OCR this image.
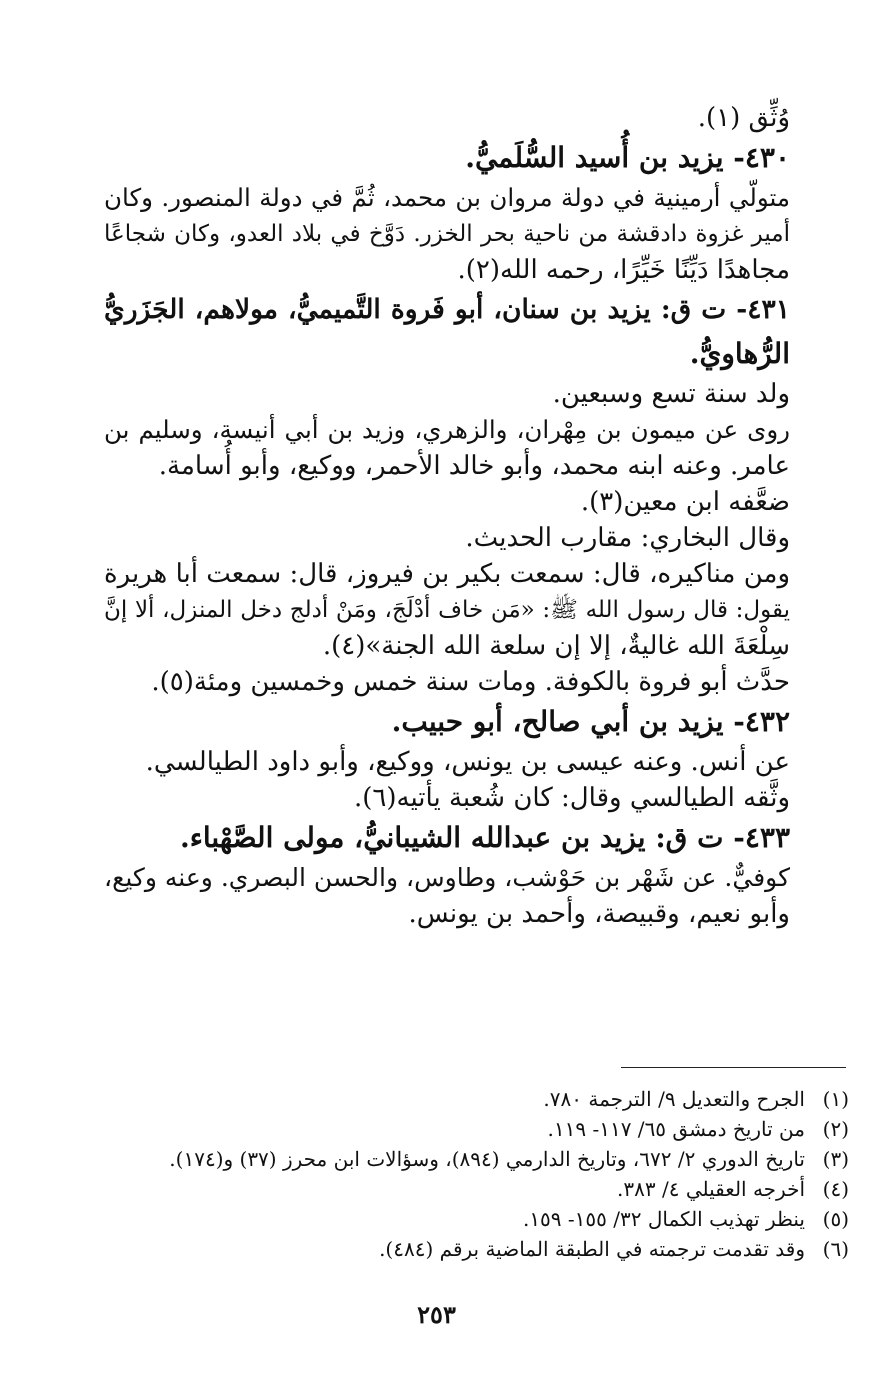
وُثِّق (١).
٤٣٠- يزيد بن أُسيد السُّلَميُّ.
متولّي أرمينية في دولة مروان بن محمد، ثُمَّ في دولة المنصور. وكان
أمير غزوة دادقشة من ناحية بحر الخزر. دَوَّخ في بلاد العدو، وكان شجاعًا
مجاهدًا دَيِّنًا خَيِّرًا، رحمه الله(٢).
٤٣١- ت ق: يزيد بن سنان، أبو فَروة التَّميميُّ، مولاهم، الجَزَريُّ
الرُّهاويُّ.
ولد سنة تسع وسبعين.
روى عن ميمون بن مِهْران، والزهري، وزيد بن أبي أنيسة، وسليم بن
عامر. وعنه ابنه محمد، وأبو خالد الأحمر، ووكيع، وأبو أُسامة.
ضعَّفه ابن معين(٣).
وقال البخاري: مقارب الحديث.
ومن مناكيره، قال: سمعت بكير بن فيروز، قال: سمعت أبا هريرة
يقول: قال رسول الله ﷺ: «مَن خاف أدْلَجَ، ومَنْ أدلج دخل المنزل، ألا إنَّ
سِلْعَةَ الله غاليةٌ، إلا إن سلعة الله الجنة»(٤).
حدَّث أبو فروة بالكوفة. ومات سنة خمس وخمسين ومئة(٥).
٤٣٢- يزيد بن أبي صالح، أبو حبيب.
عن أنس. وعنه عيسى بن يونس، ووكيع، وأبو داود الطيالسي.
وثَّقه الطيالسي وقال: كان شُعبة يأتيه(٦).
٤٣٣- ت ق: يزيد بن عبدالله الشيبانيُّ، مولى الصَّهْباء.
كوفيٌّ. عن شَهْر بن حَوْشب، وطاوس، والحسن البصري. وعنه وكيع،
وأبو نعيم، وقبيصة، وأحمد بن يونس.
(١)الجرح والتعديل ٩/ الترجمة ٧٨٠.
(٢)من تاريخ دمشق ٦٥/ ١١٧- ١١٩.
(٣)تاريخ الدوري ٢/ ٦٧٢، وتاريخ الدارمي (٨٩٤)، وسؤالات ابن محرز (٣٧) و(١٧٤).
(٤)أخرجه العقيلي ٤/ ٣٨٣.
(٥)ينظر تهذيب الكمال ٣٢/ ١٥٥- ١٥٩.
(٦)وقد تقدمت ترجمته في الطبقة الماضية برقم (٤٨٤).
٢٥٣
